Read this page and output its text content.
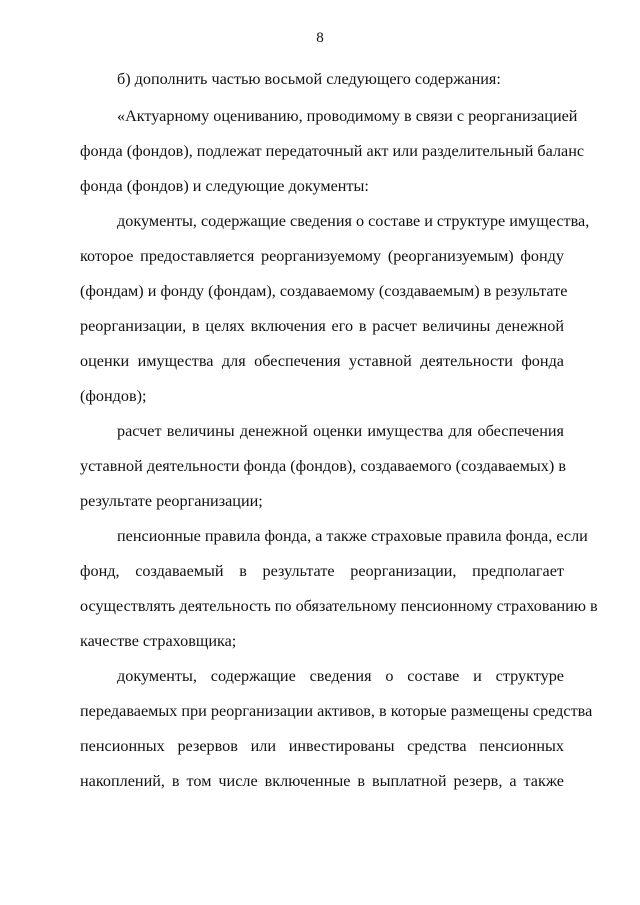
8
б) дополнить частью восьмой следующего содержания:
«Актуарному оцениванию, проводимому в связи с реорганизацией
фонда (фондов), подлежат передаточный акт или разделительный баланс
фонда (фондов) и следующие документы:
документы, содержащие сведения о составе и структуре имущества,
которое предоставляется реорганизуемому (реорганизуемым) фонду
(фондам) и фонду (фондам), создаваемому (создаваемым) в результате
реорганизации, в целях включения его в расчет величины денежной
оценки имущества для обеспечения уставной деятельности фонда
(фондов);
расчет величины денежной оценки имущества для обеспечения
уставной деятельности фонда (фондов), создаваемого (создаваемых) в
результате реорганизации;
пенсионные правила фонда, а также страховые правила фонда, если
фонд, создаваемый в результате реорганизации, предполагает
осуществлять деятельность по обязательному пенсионному страхованию в
качестве страховщика;
документы, содержащие сведения о составе и структуре
передаваемых при реорганизации активов, в которые размещены средства
пенсионных резервов или инвестированы средства пенсионных
накоплений, в том числе включенные в выплатной резерв, а также
